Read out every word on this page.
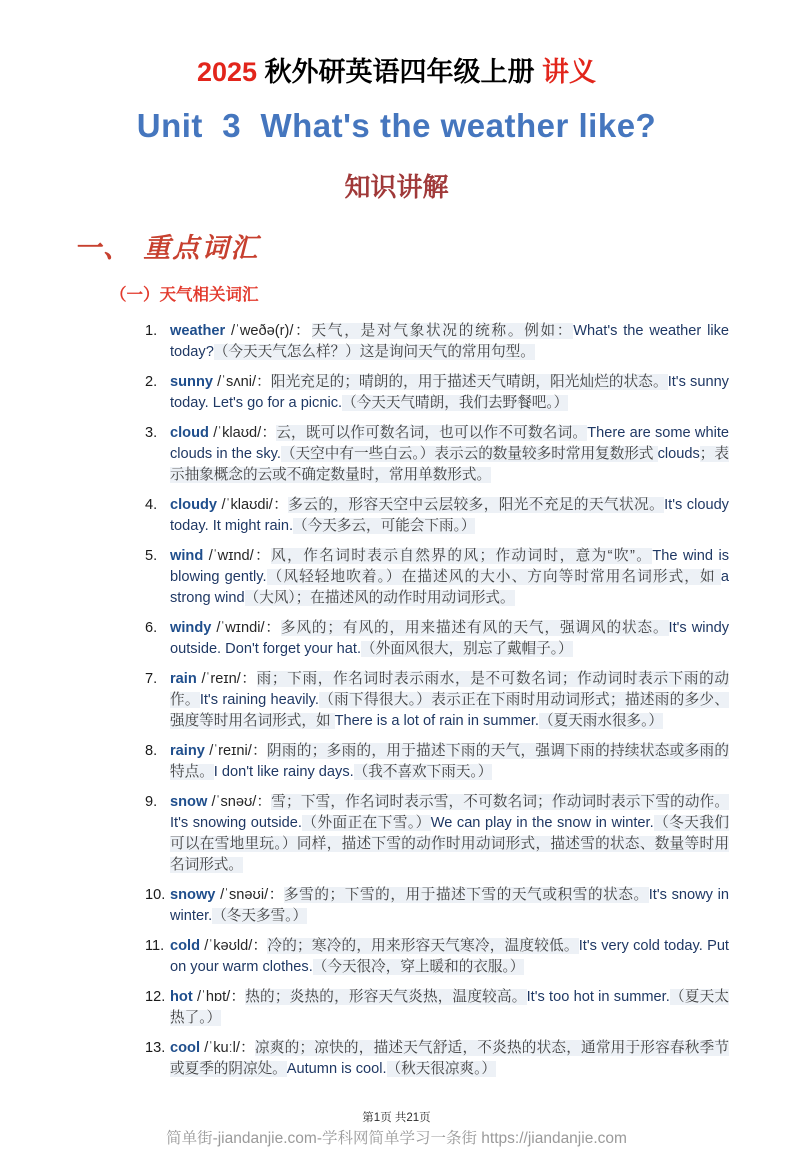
2025 秋外研英语四年级上册 讲义
Unit  3  What's the weather like?
知识讲解
一、 重点词汇
（一）天气相关词汇
1. weather /ˈweðə(r)/：天气，是对气象状况的统称。例如：What's the weather like today?（今天天气怎么样？）这是询问天气的常用句型。
2. sunny /ˈsʌni/：阳光充足的；晴朗的，用于描述天气晴朗，阳光灿烂的状态。It's sunny today. Let's go for a picnic.（今天天气晴朗，我们去野餐吧。）
3. cloud /ˈklaʊd/：云，既可以作可数名词，也可以作不可数名词。There are some white clouds in the sky.（天空中有一些白云。）表示云的数量较多时常用复数形式 clouds；表示抽象概念的云或不确定数量时，常用单数形式。
4. cloudy /ˈklaʊdi/：多云的，形容天空中云层较多，阳光不充足的天气状况。It's cloudy today. It might rain.（今天多云，可能会下雨。）
5. wind /ˈwɪnd/：风，作名词时表示自然界的风；作动词时，意为“吹”。The wind is blowing gently.（风轻轻地吹着。）在描述风的大小、方向等时常用名词形式，如 a strong wind（大风）；在描述风的动作时用动词形式。
6. windy /ˈwɪndi/：多风的；有风的，用来描述有风的天气，强调风的状态。It's windy outside. Don't forget your hat.（外面风很大，别忘了戴帽子。）
7. rain /ˈreɪn/：雨；下雨，作名词时表示雨水，是不可数名词；作动词时表示下雨的动作。It's raining heavily.（雨下得很大。）表示正在下雨时用动词形式；描述雨的多少、强度等时用名词形式，如 There is a lot of rain in summer.（夏天雨水很多。）
8. rainy /ˈreɪni/：阴雨的；多雨的，用于描述下雨的天气，强调下雨的持续状态或多雨的特点。I don't like rainy days.（我不喜欢下雨天。）
9. snow /ˈsnəʊ/：雪；下雪，作名词时表示雪，不可数名词；作动词时表示下雪的动作。It's snowing outside.（外面正在下雪。）We can play in the snow in winter.（冬天我们可以在雪地里玩。）同样，描述下雪的动作时用动词形式，描述雪的状态、数量等时用名词形式。
10. snowy /ˈsnəʊi/：多雪的；下雪的，用于描述下雪的天气或积雪的状态。It's snowy in winter.（冬天多雪。）
11. cold /ˈkəʊld/：冷的；寒冷的，用来形容天气寒冷，温度较低。It's very cold today. Put on your warm clothes.（今天很冷，穿上暖和的衣服。）
12. hot /ˈhɒt/：热的；炎热的，形容天气炎热，温度较高。It's too hot in summer.（夏天太热了。）
13. cool /ˈkuːl/：凉爽的；凉快的，描述天气舒适，不炎热的状态，通常用于形容春秋季节或夏季的阴凉处。Autumn is cool.（秋天很凉爽。）
第1页 共21页
简单街-jiandanjie.com-学科网简单学习一条街 https://jiandanjie.com
